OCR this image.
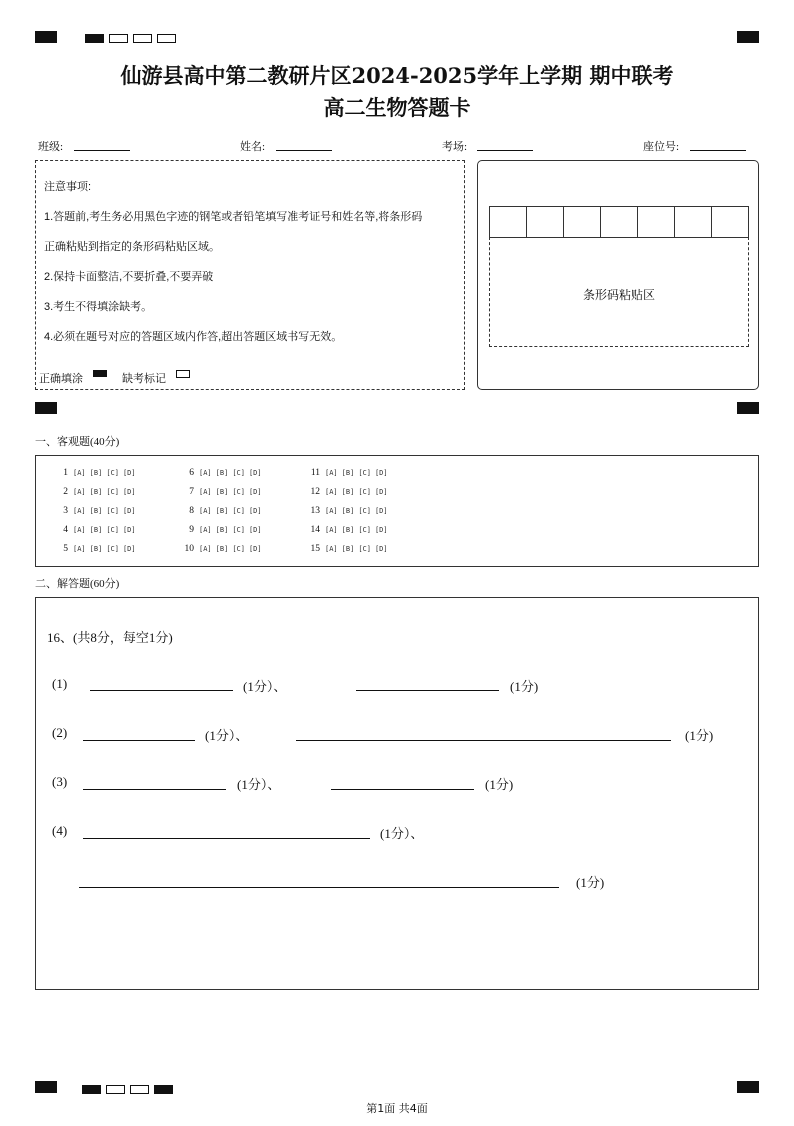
仙游县高中第二教研片区2024-2025学年上学期 期中联考
高二生物答题卡
班级:	姓名:	考场:	座位号:
注意事项:
1.答题前,考生务必用黑色字迹的钢笔或者铅笔填写准考证号和姓名等,将条形码
正确粘贴到指定的条形码粘贴区域。
2.保持卡面整洁,不要折叠,不要弄破
3.考生不得填涂缺考。
4.必须在题号对应的答题区域内作答,超出答题区域书写无效。
正确填涂	缺考标记
条形码粘贴区
一、客观题(40分)
1 [A] [B] [C] [D]
2 [A] [B] [C] [D]
3 [A] [B] [C] [D]
4 [A] [B] [C] [D]
5 [A] [B] [C] [D]
6 [A] [B] [C] [D]
7 [A] [B] [C] [D]
8 [A] [B] [C] [D]
9 [A] [B] [C] [D]
10 [A] [B] [C] [D]
11 [A] [B] [C] [D]
12 [A] [B] [C] [D]
13 [A] [B] [C] [D]
14 [A] [B] [C] [D]
15 [A] [B] [C] [D]
二、解答题(60分)
16、(共8分，每空1分)
(1)	(1分）、	(1分)
(2)	(1分）、	(1分)
(3)	(1分）、	(1分)
(4)	(1分）、
(1分)
第1面 共4面
